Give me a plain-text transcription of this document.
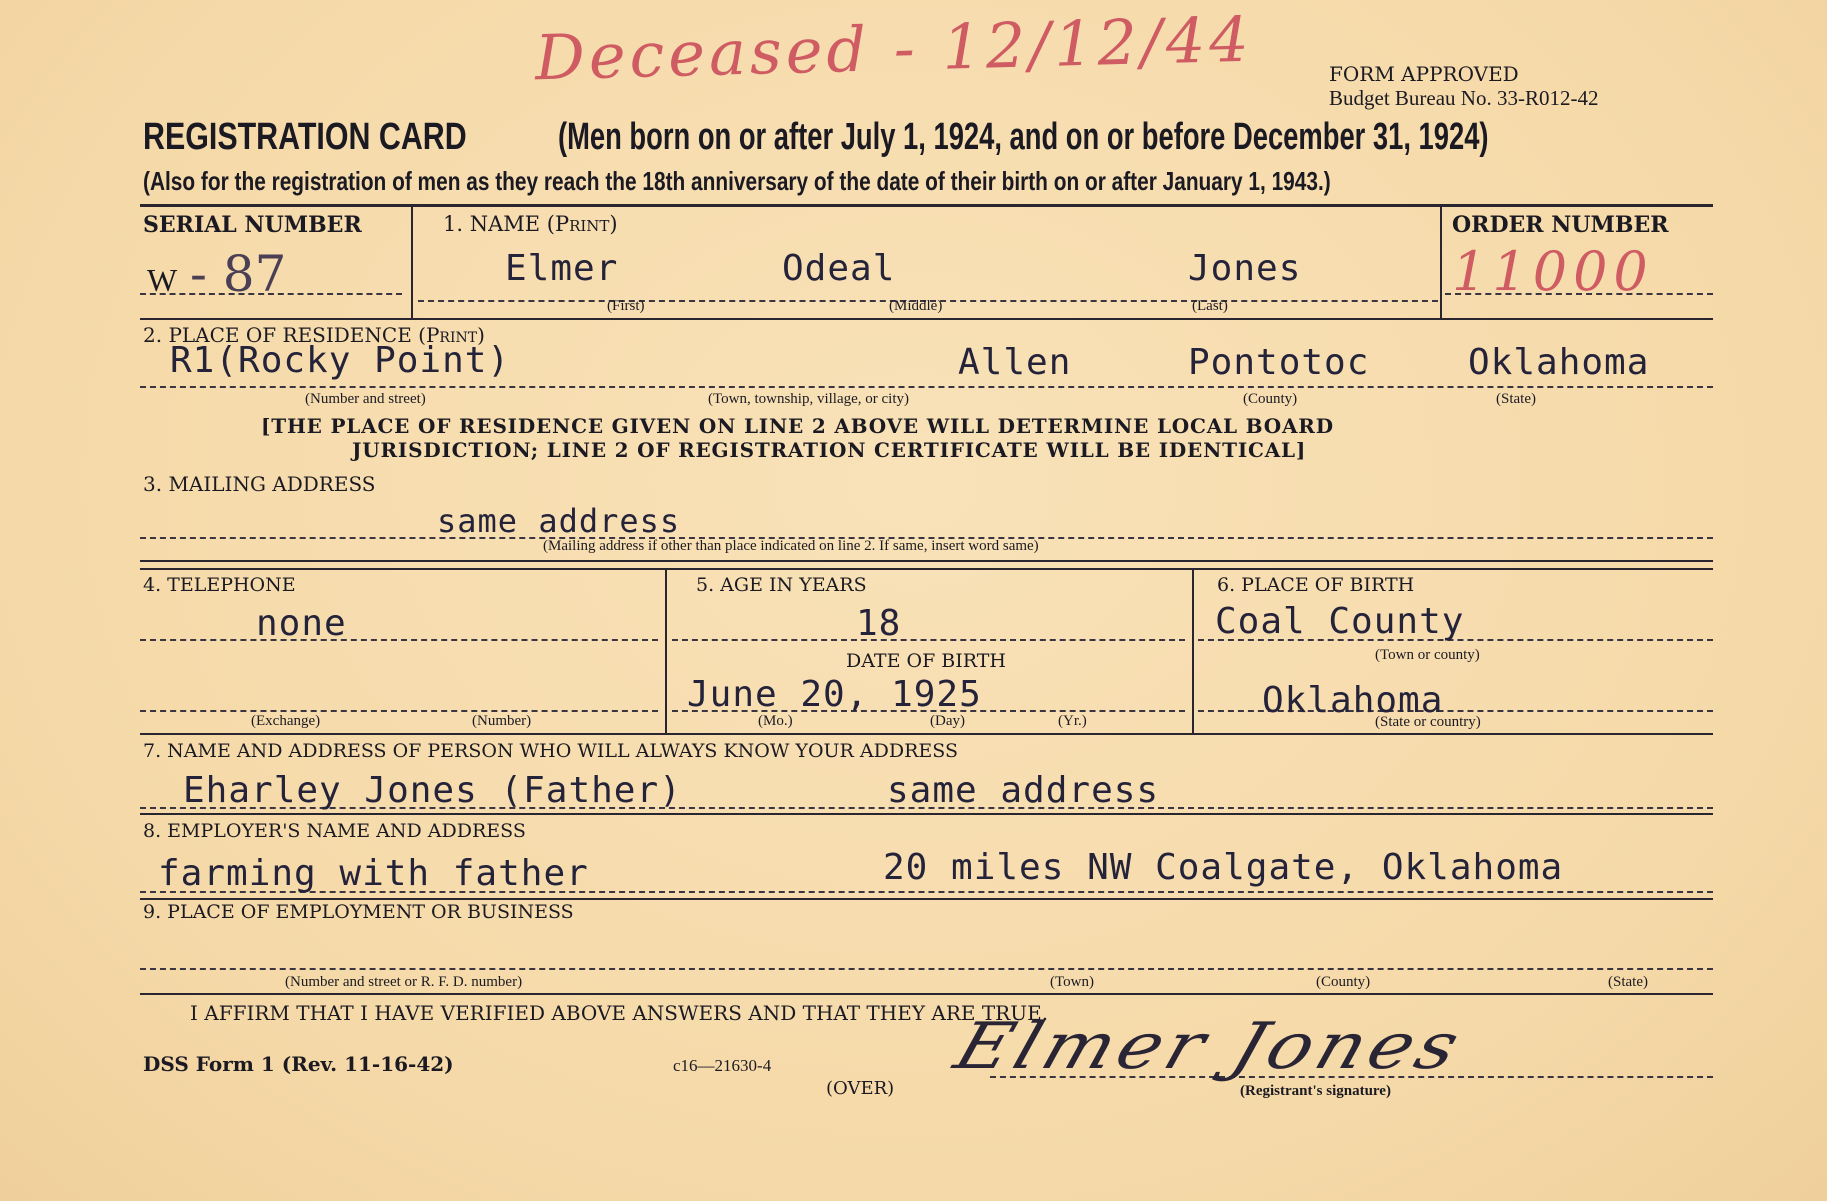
Deceased - 12/12/44	FORM APPROVED
Budget Bureau No. 33-R012-42
REGISTRATION CARD (Men born on or after July 1, 1924, and on or before December 31, 1924)
(Also for the registration of men as they reach the 18th anniversary of the date of their birth on or after January 1, 1943.)
SERIAL NUMBER
W - 87
1. NAME (Print)
Elmer	Odeal	Jones
(First)	(Middle)	(Last)
ORDER NUMBER
11000
2. PLACE OF RESIDENCE (Print)
R1(Rocky Point)	Allen	Pontotoc	Oklahoma
(Number and street)	(Town, township, village, or city)	(County)	(State)
[THE PLACE OF RESIDENCE GIVEN ON LINE 2 ABOVE WILL DETERMINE LOCAL BOARD
JURISDICTION; LINE 2 OF REGISTRATION CERTIFICATE WILL BE IDENTICAL]
3. MAILING ADDRESS
same address
(Mailing address if other than place indicated on line 2. If same, insert word same)
4. TELEPHONE
none
(Exchange)	(Number)
5. AGE IN YEARS
18
DATE OF BIRTH
June 20, 1925
(Mo.)	(Day)	(Yr.)
6. PLACE OF BIRTH
Coal County
(Town or county)
Oklahoma
(State or country)
7. NAME AND ADDRESS OF PERSON WHO WILL ALWAYS KNOW YOUR ADDRESS
Eharley Jones (Father)	same address
8. EMPLOYER'S NAME AND ADDRESS
farming with father	20 miles NW Coalgate, Oklahoma
9. PLACE OF EMPLOYMENT OR BUSINESS
(Number and street or R. F. D. number)	(Town)	(County)	(State)
I AFFIRM THAT I HAVE VERIFIED ABOVE ANSWERS AND THAT THEY ARE TRUE.
DSS Form 1 (Rev. 11-16-42)	c16—21630-4
(OVER)
Elmer Jones
(Registrant's signature)
